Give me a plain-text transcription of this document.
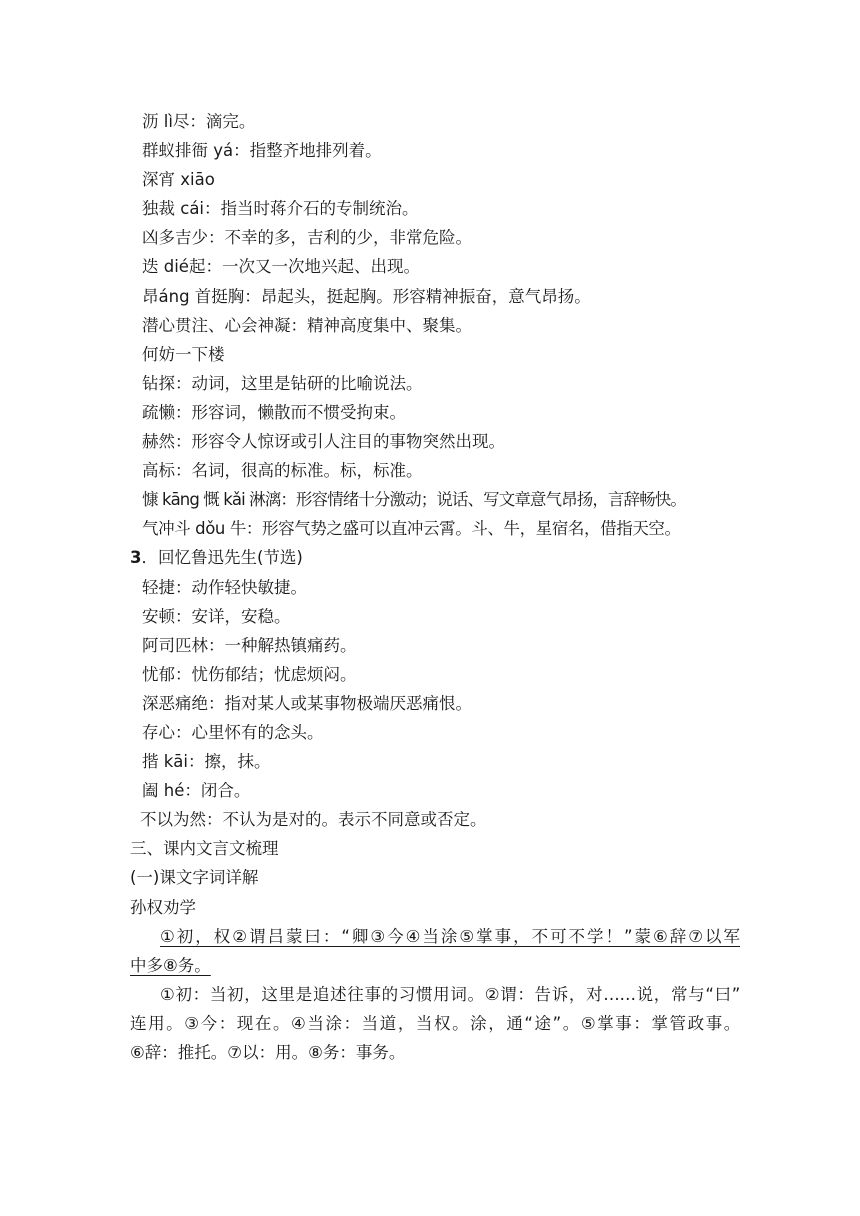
沥 lì尽：滴完。
群蚁排衙 yá：指整齐地排列着。
深宵 xiāo
独裁 cái：指当时蒋介石的专制统治。
凶多吉少：不幸的多，吉利的少，非常危险。
迭 dié起：一次又一次地兴起、出现。
昂áng 首挺胸：昂起头，挺起胸。形容精神振奋，意气昂扬。
潜心贯注、心会神凝：精神高度集中、聚集。
何妨一下楼
钻探：动词，这里是钻研的比喻说法。
疏懒：形容词，懒散而不惯受拘束。
赫然：形容令人惊讶或引人注目的事物突然出现。
高标：名词，很高的标准。标，标准。
慷 kāng 慨 kǎi 淋漓：形容情绪十分激动；说话、写文章意气昂扬，言辞畅快。
气冲斗 dǒu 牛：形容气势之盛可以直冲云霄。斗、牛，星宿名，借指天空。
3．回忆鲁迅先生(节选)
轻捷：动作轻快敏捷。
安顿：安详，安稳。
阿司匹林：一种解热镇痛药。
忧郁：忧伤郁结；忧虑烦闷。
深恶痛绝：指对某人或某事物极端厌恶痛恨。
存心：心里怀有的念头。
揩 kāi：擦，抹。
阖 hé：闭合。
不以为然：不认为是对的。表示不同意或否定。
三、课内文言文梳理
(一)课文字词详解
孙权劝学
①初，权②谓吕蒙曰：“卿③今④当涂⑤掌事，不可不学！”蒙⑥辞⑦以军
中多⑧务。
①初：当初，这里是追述往事的习惯用词。②谓：告诉，对……说，常与“曰”
连用。③今：现在。④当涂：当道，当权。涂，通“途”。⑤掌事：掌管政事。
⑥辞：推托。⑦以：用。⑧务：事务。
